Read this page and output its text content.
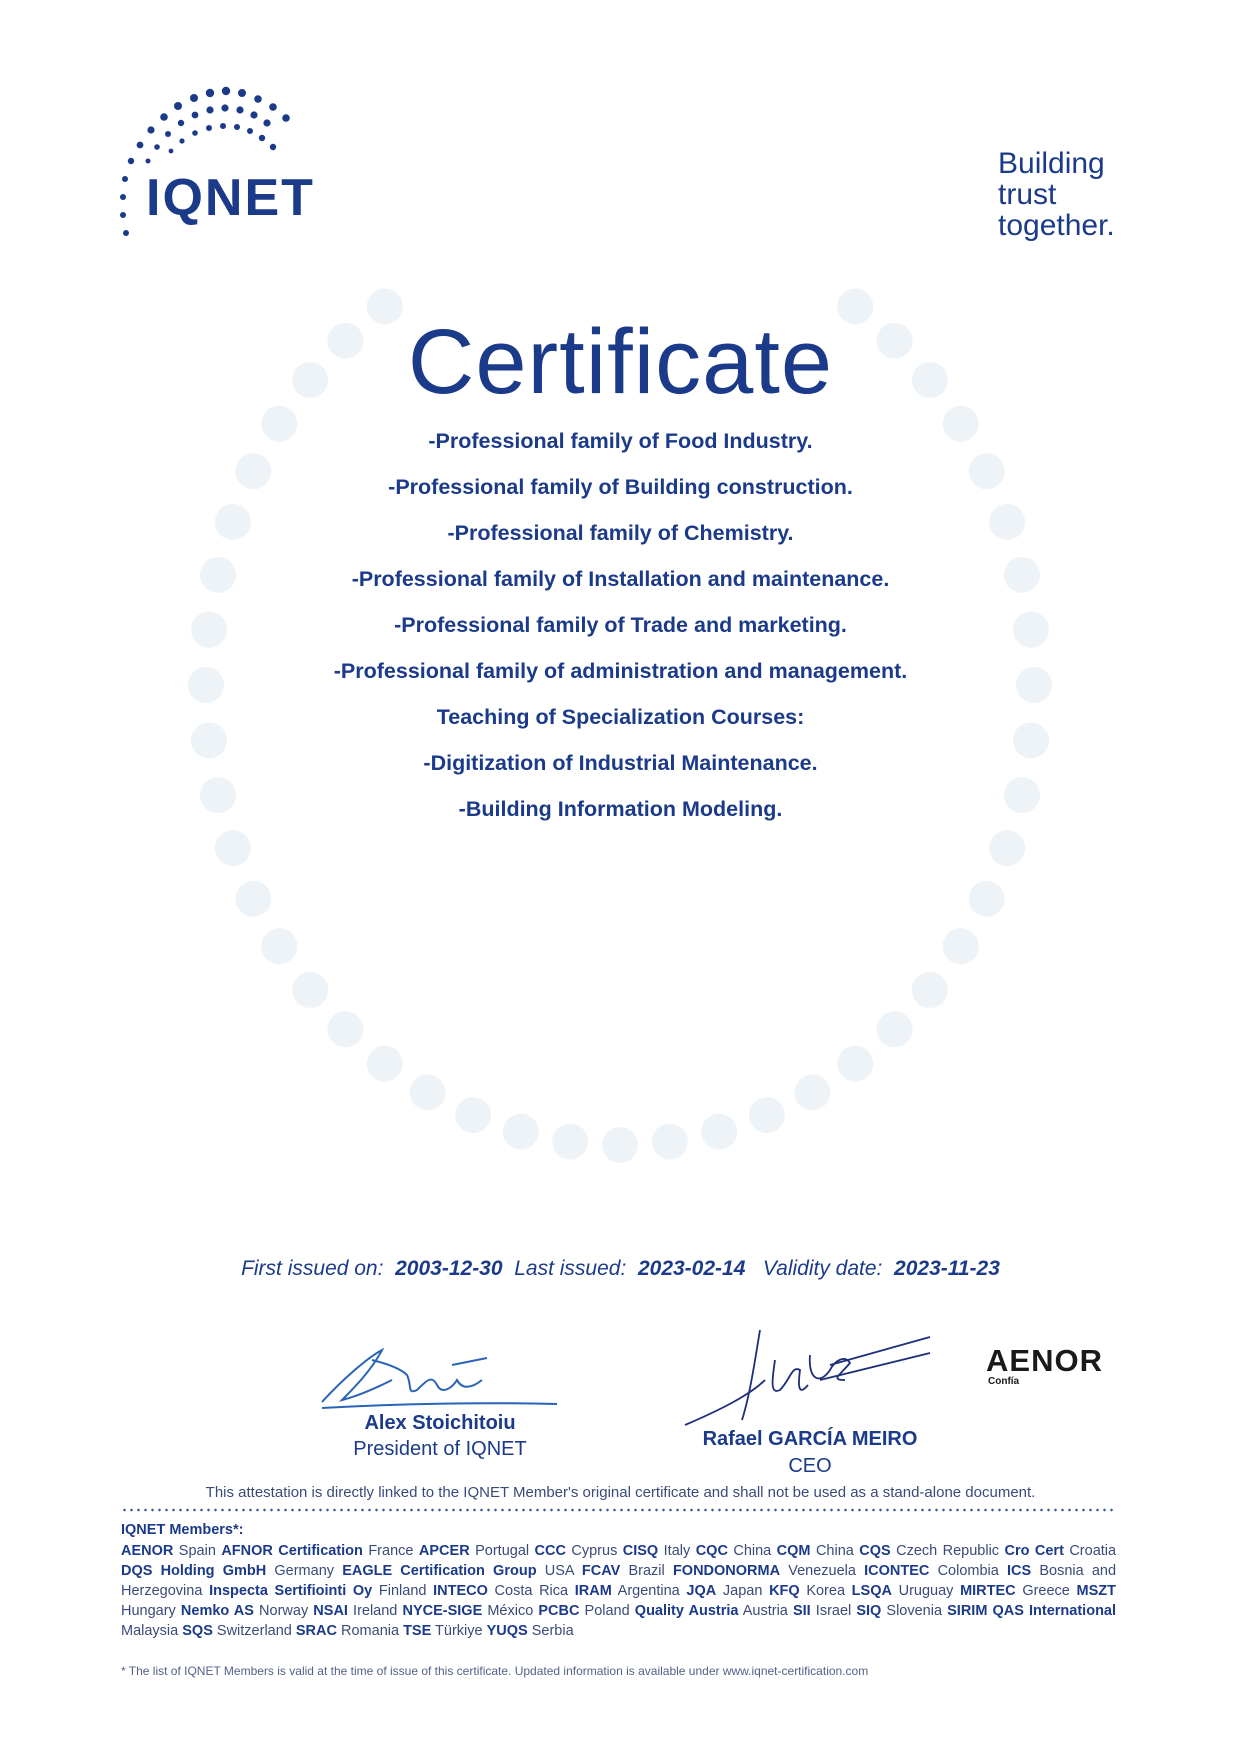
IQNET
Building
trust
together.
Certificate
-Professional family of Food Industry.
-Professional family of Building construction.
-Professional family of Chemistry.
-Professional family of Installation and maintenance.
-Professional family of Trade and marketing.
-Professional family of administration and management.
Teaching of Specialization Courses:
-Digitization of Industrial Maintenance.
-Building Information Modeling.
First issued on: 2003-12-30 Last issued: 2023-02-14 Validity date: 2023-11-23
Alex Stoichitoiu
President of IQNET	Rafael GARCÍA MEIRO
CEO
AENOR
Confía
This attestation is directly linked to the IQNET Member's original certificate and shall not be used as a stand-alone document.
IQNET Members*:
AENOR Spain AFNOR Certification France APCER Portugal CCC Cyprus CISQ Italy CQC China CQM China CQS Czech Republic Cro Cert Croatia DQS Holding GmbH Germany EAGLE Certification Group USA FCAV Brazil FONDONORMA Venezuela ICONTEC Colombia ICS Bosnia and Herzegovina Inspecta Sertifiointi Oy Finland INTECO Costa Rica IRAM Argentina JQA Japan KFQ Korea LSQA Uruguay MIRTEC Greece MSZT Hungary Nemko AS Norway NSAI Ireland NYCE-SIGE México PCBC Poland Quality Austria Austria SII Israel SIQ Slovenia SIRIM QAS International Malaysia SQS Switzerland SRAC Romania TSE Türkiye YUQS Serbia
* The list of IQNET Members is valid at the time of issue of this certificate. Updated information is available under www.iqnet-certification.com
